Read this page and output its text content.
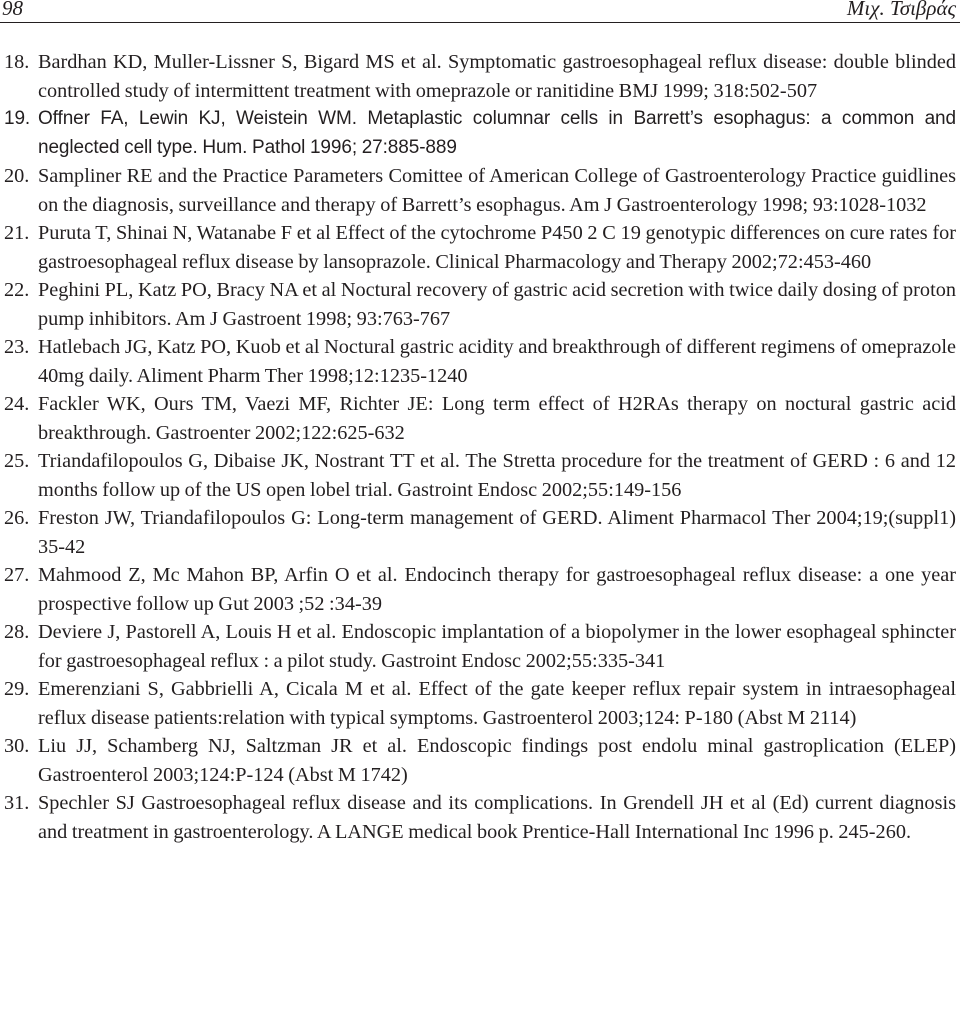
98	Μιχ. Τσιβράς
18. Bardhan KD, Muller-Lissner S, Bigard MS et al. Symptomatic gastroesophageal reflux disease: double blinded controlled study of intermittent treatment with omeprazole or ranitidine BMJ 1999; 318:502-507
19. Offner FA, Lewin KJ, Weistein WM. Metaplastic columnar cells in Barrett’s esophagus: a common and neglected cell type. Hum. Pathol 1996; 27:885-889
20. Sampliner RE and the Practice Parameters Comittee of American College of Gastroenterology Practice guidlines on the diagnosis, surveillance and therapy of Barrett’s esophagus. Am J Gastroenterology 1998; 93:1028-1032
21. Puruta T, Shinai N, Watanabe F et al Effect of the cytochrome P450 2 C 19 genotypic differences on cure rates for gastroesophageal reflux disease by lansoprazole. Clinical Pharmacology and Therapy 2002;72:453-460
22. Peghini PL, Katz PO, Bracy NA et al Noctural recovery of gastric acid secretion with twice daily dosing of proton pump inhibitors. Am J Gastroent 1998; 93:763-767
23. Hatlebach JG, Katz PO, Kuob et al Noctural gastric acidity and breakthrough of different regimens of omeprazole 40mg daily. Aliment Pharm Ther 1998;12:1235-1240
24. Fackler WK, Ours TM, Vaezi MF, Richter JE: Long term effect of H2RAs therapy on noctural gastric acid breakthrough. Gastroenter 2002;122:625-632
25. Triandafilopoulos G, Dibaise JK, Nostrant TT et al. The Stretta procedure for the treatment of GERD : 6 and 12 months follow up of the US open lobel trial. Gastroint Endosc 2002;55:149-156
26. Freston JW, Triandafilopoulos G: Long-term management of GERD. Aliment Pharmacol Ther 2004;19;(suppl1) 35-42
27. Mahmood Z, Mc Mahon BP, Arfin O et al. Endocinch therapy for gastroesophageal reflux disease: a one year prospective follow up Gut 2003 ;52 :34-39
28. Deviere J, Pastorell A, Louis H et al. Endoscopic implantation of a biopolymer in the lower esophageal sphincter for gastroesophageal reflux : a pilot study. Gastroint Endosc 2002;55:335-341
29. Emerenziani S, Gabbrielli A, Cicala M et al. Effect of the gate keeper reflux repair system in intraesophageal reflux disease patients:relation with typical symptoms. Gastroenterol 2003;124: P-180 (Abst M 2114)
30. Liu JJ, Schamberg NJ, Saltzman JR et al. Endoscopic findings post endolu minal gastroplication (ELEP) Gastroenterol 2003;124:P-124 (Abst M 1742)
31. Spechler SJ Gastroesophageal reflux disease and its complications. In Grendell JH et al (Ed) current diagnosis and treatment in gastroenterology. A LANGE medical book Prentice-Hall International Inc 1996 p. 245-260.
